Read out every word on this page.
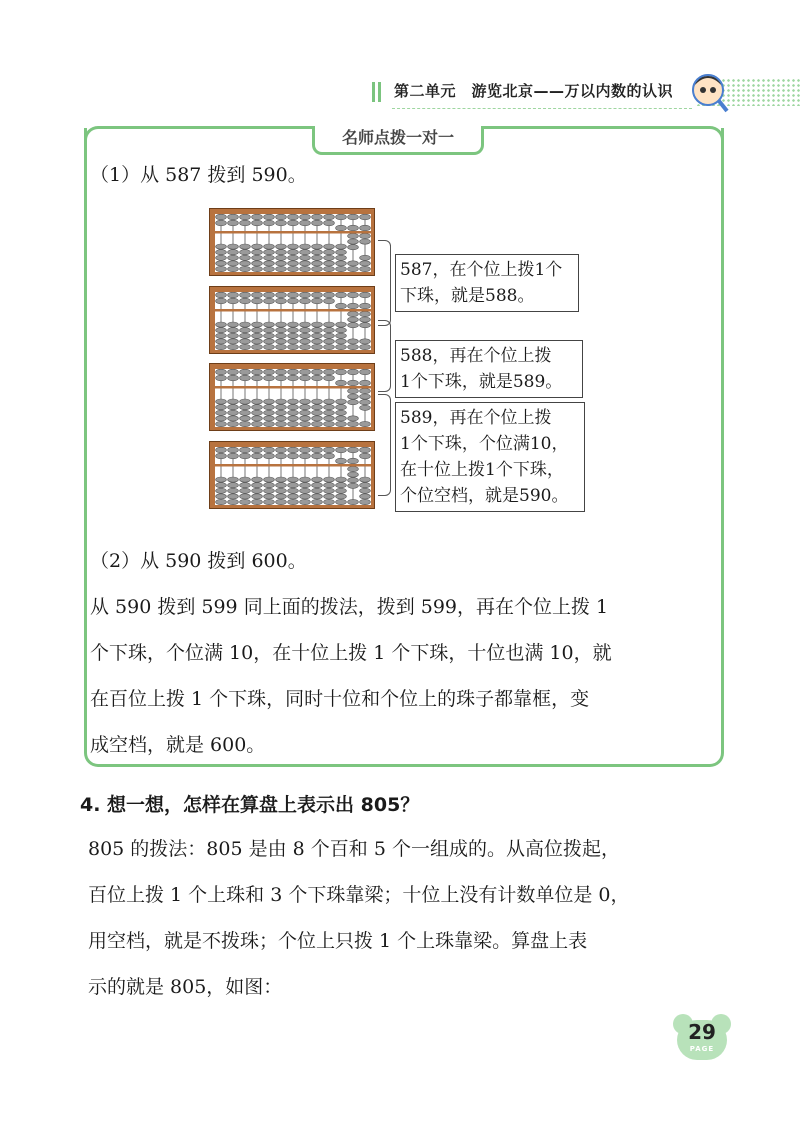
第二单元　游览北京——万以内数的认识
名师点拨一对一
（1）从 587 拨到 590。
587，在个位上拨1个
下珠，就是588。
588，再在个位上拨
1个下珠，就是589。
589，再在个位上拨
1个下珠，个位满10，
在十位上拨1个下珠，
个位空档，就是590。
（2）从 590 拨到 600。
从 590 拨到 599 同上面的拨法，拨到 599，再在个位上拨 1
个下珠，个位满 10，在十位上拨 1 个下珠，十位也满 10，就
在百位上拨 1 个下珠，同时十位和个位上的珠子都靠框，变
成空档，就是 600。
4. 想一想，怎样在算盘上表示出 805？
805 的拨法：805 是由 8 个百和 5 个一组成的。从高位拨起，
百位上拨 1 个上珠和 3 个下珠靠梁；十位上没有计数单位是 0，
用空档，就是不拨珠；个位上只拨 1 个上珠靠梁。算盘上表
示的就是 805，如图：
29
PAGE
